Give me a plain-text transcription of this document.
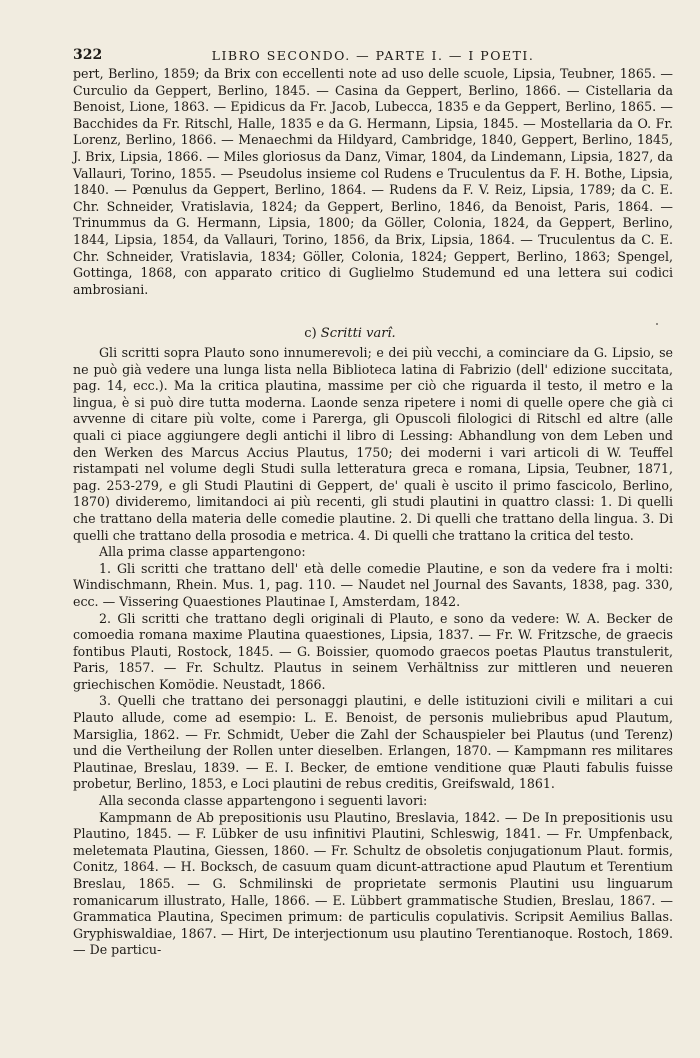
322	LIBRO SECONDO. — PARTE I. — I POETI.

pert, Berlino, 1859; da Brix con eccellenti note ad uso delle scuole, Lipsia, Teubner, 1865. — Curculio da Geppert, Berlino, 1845. — Casina da Geppert, Berlino, 1866. — Cistellaria da Benoist, Lione, 1863. — Epidicus da Fr. Jacob, Lubecca, 1835 e da Geppert, Berlino, 1865. — Bacchides da Fr. Ritschl, Halle, 1835 e da G. Hermann, Lipsia, 1845. — Mostellaria da O. Fr. Lorenz, Berlino, 1866. — Menaechmi da Hildyard, Cambridge, 1840, Geppert, Berlino, 1845, J. Brix, Lipsia, 1866. — Miles gloriosus da Danz, Vimar, 1804, da Lindemann, Lipsia, 1827, da Vallauri, Torino, 1855. — Pseudolus insieme col Rudens e Truculentus da F. H. Bothe, Lipsia, 1840. — Pœnulus da Geppert, Berlino, 1864. — Rudens da F. V. Reiz, Lipsia, 1789; da C. E. Chr. Schneider, Vratislavia, 1824; da Geppert, Berlino, 1846, da Benoist, Paris, 1864. — Trinummus da G. Hermann, Lipsia, 1800; da Göller, Colonia, 1824, da Geppert, Berlino, 1844, Lipsia, 1854, da Vallauri, Torino, 1856, da Brix, Lipsia, 1864. — Truculentus da C. E. Chr. Schneider, Vratislavia, 1834; Göller, Colonia, 1824; Geppert, Berlino, 1863; Spengel, Gottinga, 1868, con apparato critico di Guglielmo Studemund ed una lettera sui codici ambrosiani.

c) Scritti varî.

Gli scritti sopra Plauto sono innumerevoli; e dei più vecchi, a cominciare da G. Lipsio, se ne può già vedere una lunga lista nella Biblioteca latina di Fabrizio (dell' edizione succitata, pag. 14, ecc.). Ma la critica plautina, massime per ciò che riguarda il testo, il metro e la lingua, è si può dire tutta moderna. Laonde senza ripetere i nomi di quelle opere che già ci avvenne di citare più volte, come i Parerga, gli Opuscoli filologici di Ritschl ed altre (alle quali ci piace aggiungere degli antichi il libro di Lessing: Abhandlung von dem Leben und den Werken des Marcus Accius Plautus, 1750; dei moderni i vari articoli di W. Teuffel ristampati nel volume degli Studi sulla letteratura greca e romana, Lipsia, Teubner, 1871, pag. 253-279, e gli Studi Plautini di Geppert, de' quali è uscito il primo fascicolo, Berlino, 1870) divideremo, limitandoci ai più recenti, gli studi plautini in quattro classi: 1. Di quelli che trattano della materia delle comedie plautine. 2. Di quelli che trattano della lingua. 3. Di quelli che trattano della prosodia e metrica. 4. Di quelli che trattano la critica del testo.

Alla prima classe appartengono:

1. Gli scritti che trattano dell' età delle comedie Plautine, e son da vedere fra i molti: Windischmann, Rhein. Mus. 1, pag. 110. — Naudet nel Journal des Savants, 1838, pag. 330, ecc. — Vissering Quaestiones Plautinae I, Amsterdam, 1842.

2. Gli scritti che trattano degli originali di Plauto, e sono da vedere: W. A. Becker de comoedia romana maxime Plautina quaestiones, Lipsia, 1837. — Fr. W. Fritzsche, de graecis fontibus Plauti, Rostock, 1845. — G. Boissier, quomodo graecos poetas Plautus transtulerit, Paris, 1857. — Fr. Schultz. Plautus in seinem Verhältniss zur mittleren und neueren griechischen Komödie. Neustadt, 1866.

3. Quelli che trattano dei personaggi plautini, e delle istituzioni civili e militari a cui Plauto allude, come ad esempio: L. E. Benoist, de personis muliebribus apud Plautum, Marsiglia, 1862. — Fr. Schmidt, Ueber die Zahl der Schauspieler bei Plautus (und Terenz) und die Vertheilung der Rollen unter dieselben. Erlangen, 1870. — Kampmann res militares Plautinae, Breslau, 1839. — E. I. Becker, de emtione venditione quæ Plauti fabulis fuisse probetur, Berlino, 1853, e Loci plautini de rebus creditis, Greifswald, 1861.

Alla seconda classe appartengono i seguenti lavori:

Kampmann de Ab prepositionis usu Plautino, Breslavia, 1842. — De In prepositionis usu Plautino, 1845. — F. Lübker de usu infinitivi Plautini, Schleswig, 1841. — Fr. Umpfenback, meletemata Plautina, Giessen, 1860. — Fr. Schultz de obsoletis conjugationum Plaut. formis, Conitz, 1864. — H. Bocksch, de casuum quam dicunt-attractione apud Plautum et Terentium Breslau, 1865. — G. Schmilinski de proprietate sermonis Plautini usu linguarum romanicarum illustrato, Halle, 1866. — E. Lübbert grammatische Studien, Breslau, 1867. — Grammatica Plautina, Specimen primum: de particulis copulativis. Scripsit Aemilius Ballas. Gryphiswaldiae, 1867. — Hirt, De interjectionum usu plautino Terentianoque. Rostoch, 1869. — De particu-
